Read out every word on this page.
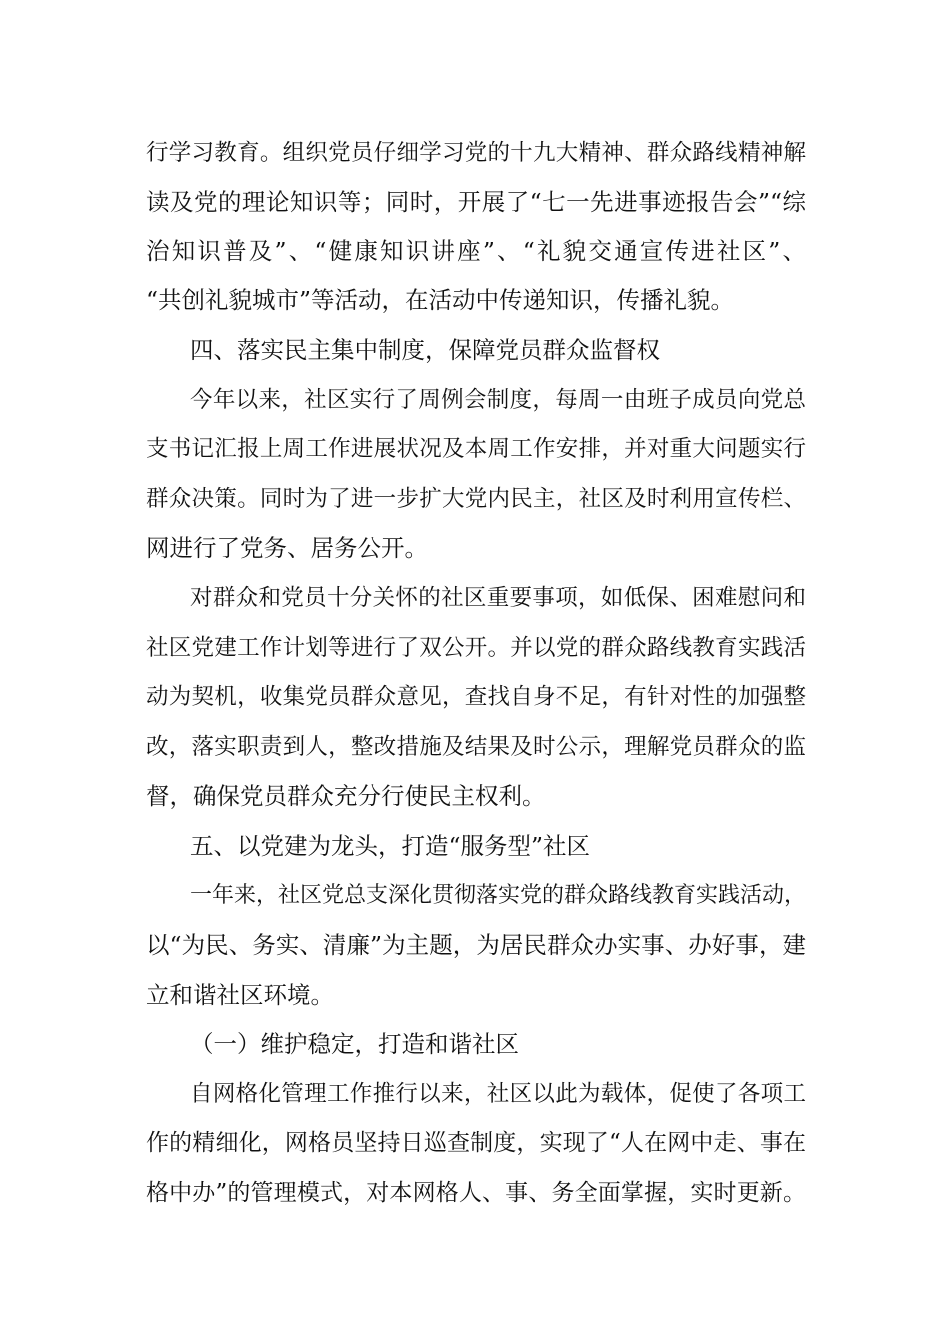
行学习教育。组织党员仔细学习党的十九大精神、群众路线精神解
读及党的理论知识等；同时，开展了“七一先进事迹报告会”“综
治知识普及”、“健康知识讲座”、“礼貌交通宣传进社区”、
“共创礼貌城市”等活动，在活动中传递知识，传播礼貌。
四、落实民主集中制度，保障党员群众监督权
今年以来，社区实行了周例会制度，每周一由班子成员向党总
支书记汇报上周工作进展状况及本周工作安排，并对重大问题实行
群众决策。同时为了进一步扩大党内民主，社区及时利用宣传栏、
网进行了党务、居务公开。
对群众和党员十分关怀的社区重要事项，如低保、困难慰问和
社区党建工作计划等进行了双公开。并以党的群众路线教育实践活
动为契机，收集党员群众意见，查找自身不足，有针对性的加强整
改，落实职责到人，整改措施及结果及时公示，理解党员群众的监
督，确保党员群众充分行使民主权利。
五、以党建为龙头，打造“服务型”社区
一年来，社区党总支深化贯彻落实党的群众路线教育实践活动，
以“为民、务实、清廉”为主题，为居民群众办实事、办好事，建
立和谐社区环境。
（一）维护稳定，打造和谐社区
自网格化管理工作推行以来，社区以此为载体，促使了各项工
作的精细化，网格员坚持日巡查制度，实现了“人在网中走、事在
格中办”的管理模式，对本网格人、事、务全面掌握，实时更新。
